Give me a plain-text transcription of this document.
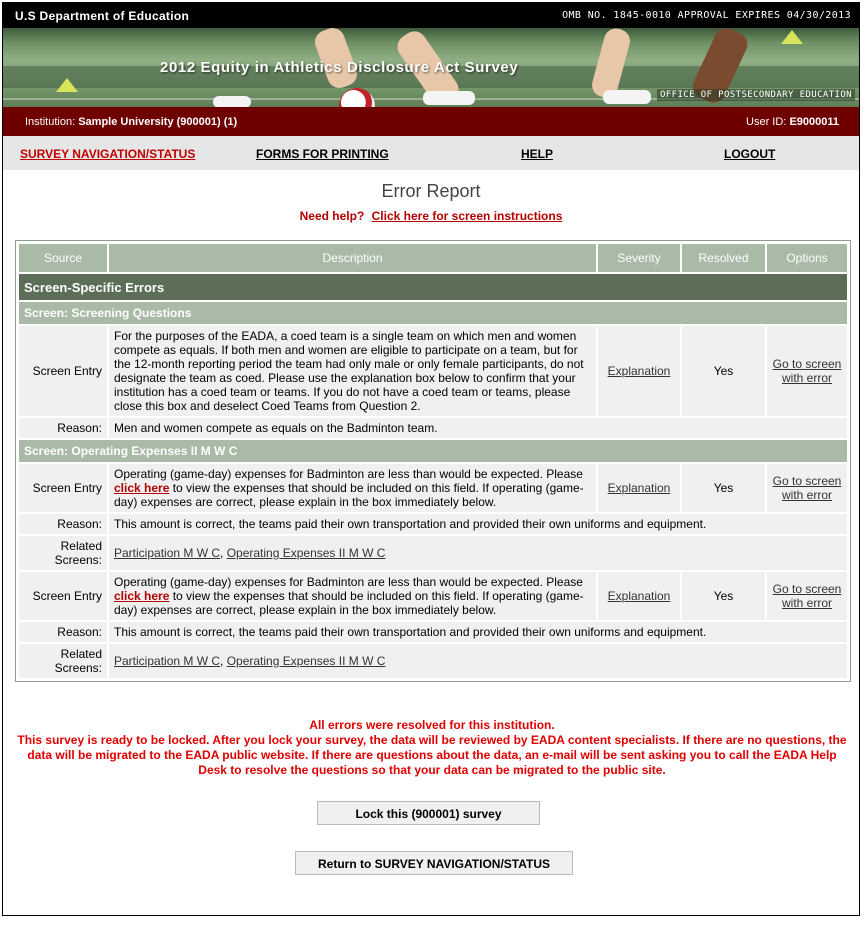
U.S Department of Education	OMB NO. 1845-0010 APPROVAL EXPIRES 04/30/2013
2012 Equity in Athletics Disclosure Act Survey
OFFICE OF POSTSECONDARY EDUCATION
Institution: Sample University (900001) (1)	User ID: E9000011
SURVEY NAVIGATION/STATUS	FORMS FOR PRINTING	HELP	LOGOUT
Error Report
Need help? Click here for screen instructions
Source	Description	Severity	Resolved	Options
Screen-Specific Errors				
Screen: Screening Questions				
Screen Entry	For the purposes of the EADA, a coed team is a single team on which men and women compete as equals. If both men and women are eligible to participate on a team, but for the 12-month reporting period the team had only male or only female participants, do not designate the team as coed. Please use the explanation box below to confirm that your institution has a coed team or teams. If you do not have a coed team or teams, please close this box and deselect Coed Teams from Question 2.	Explanation	Yes	Go to screen with error
Reason:	Men and women compete as equals on the Badminton team.			
Screen: Operating Expenses II M W C				
Screen Entry	Operating (game-day) expenses for Badminton are less than would be expected. Please click here to view the expenses that should be included on this field. If operating (game-day) expenses are correct, please explain in the box immediately below.	Explanation	Yes	Go to screen with error
Reason:	This amount is correct, the teams paid their own transportation and provided their own uniforms and equipment.			
Related Screens:	Participation M W C, Operating Expenses II M W C			
Screen Entry	Operating (game-day) expenses for Badminton are less than would be expected. Please click here to view the expenses that should be included on this field. If operating (game-day) expenses are correct, please explain in the box immediately below.	Explanation	Yes	Go to screen with error
Reason:	This amount is correct, the teams paid their own transportation and provided their own uniforms and equipment.			
Related Screens:	Participation M W C, Operating Expenses II M W C			
All errors were resolved for this institution.
This survey is ready to be locked. After you lock your survey, the data will be reviewed by EADA content specialists. If there are no questions, the data will be migrated to the EADA public website. If there are questions about the data, an e-mail will be sent asking you to call the EADA Help Desk to resolve the questions so that your data can be migrated to the public site.
Lock this (900001) survey
Return to SURVEY NAVIGATION/STATUS
